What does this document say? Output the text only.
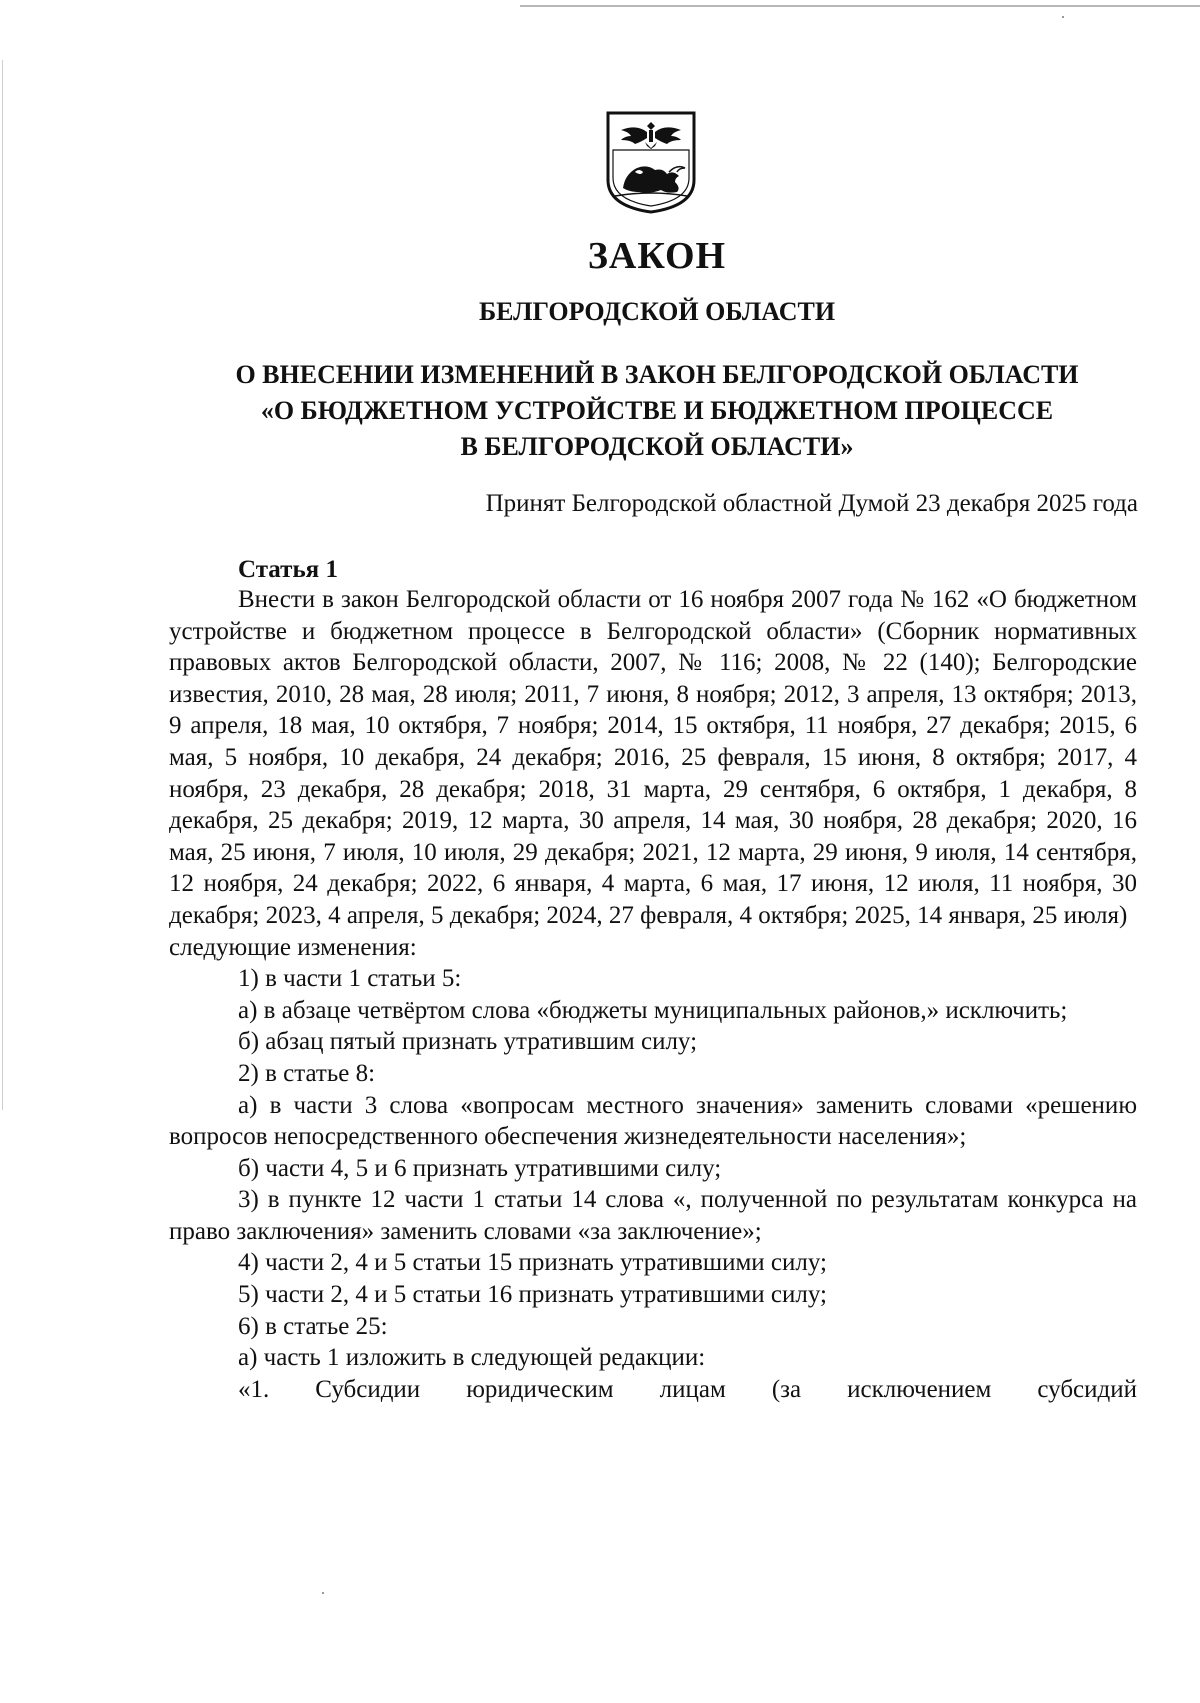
ЗАКОН
БЕЛГОРОДСКОЙ ОБЛАСТИ
О ВНЕСЕНИИ ИЗМЕНЕНИЙ В ЗАКОН БЕЛГОРОДСКОЙ ОБЛАСТИ
«О БЮДЖЕТНОМ УСТРОЙСТВЕ И БЮДЖЕТНОМ ПРОЦЕССЕ
В БЕЛГОРОДСКОЙ ОБЛАСТИ»

Принят Белгородской областной Думой 23 декабря 2025 года

Статья 1

Внести в закон Белгородской области от 16 ноября 2007 года № 162 «О бюджетном устройстве и бюджетном процессе в Белгородской области» (Сборник нормативных правовых актов Белгородской области, 2007, № 116; 2008, № 22 (140); Белгородские известия, 2010, 28 мая, 28 июля; 2011, 7 июня, 8 ноября; 2012, 3 апреля, 13 октября; 2013, 9 апреля, 18 мая, 10 октября, 7 ноября; 2014, 15 октября, 11 ноября, 27 декабря; 2015, 6 мая, 5 ноября, 10 декабря, 24 декабря; 2016, 25 февраля, 15 июня, 8 октября; 2017, 4 ноября, 23 декабря, 28 декабря; 2018, 31 марта, 29 сентября, 6 октября, 1 декабря, 8 декабря, 25 декабря; 2019, 12 марта, 30 апреля, 14 мая, 30 ноября, 28 декабря; 2020, 16 мая, 25 июня, 7 июля, 10 июля, 29 декабря; 2021, 12 марта, 29 июня, 9 июля, 14 сентября, 12 ноября, 24 декабря; 2022, 6 января, 4 марта, 6 мая, 17 июня, 12 июля, 11 ноября, 30 декабря; 2023, 4 апреля, 5 декабря; 2024, 27 февраля, 4 октября; 2025, 14 января, 25 июля)

следующие изменения:

1) в части 1 статьи 5:

а) в абзаце четвёртом слова «бюджеты муниципальных районов,» исключить;

б) абзац пятый признать утратившим силу;

2) в статье 8:

а) в части 3 слова «вопросам местного значения» заменить словами «решению вопросов непосредственного обеспечения жизнедеятельности населения»;

б) части 4, 5 и 6 признать утратившими силу;

3) в пункте 12 части 1 статьи 14 слова «, полученной по результатам конкурса на право заключения» заменить словами «за заключение»;

4) части 2, 4 и 5 статьи 15 признать утратившими силу;

5) части 2, 4 и 5 статьи 16 признать утратившими силу;

6) в статье 25:

а) часть 1 изложить в следующей редакции:

«1. Субсидии юридическим лицам (за исключением субсидий
